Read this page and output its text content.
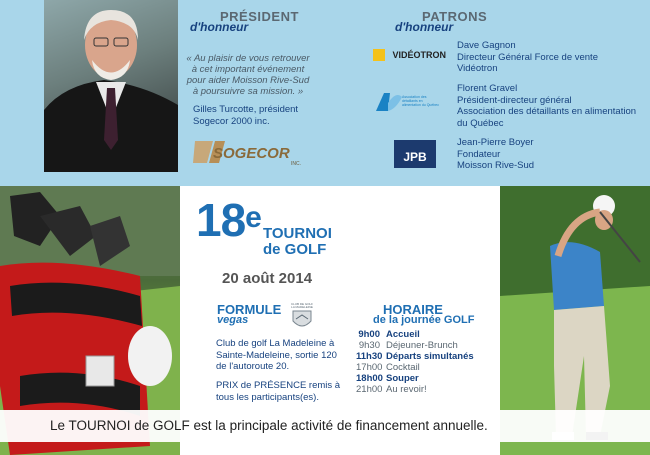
PRÉSIDENT
d'honneur
« Au plaisir de vous retrouver à cet important événement pour aider Moisson Rive-Sud à poursuivre sa mission. »
Gilles Turcotte, président
Sogecor 2000 inc.
SOGECOR
INC.
PATRONS
d'honneur
VIDÉOTRON
Dave Gagnon
Directeur Général Force de vente
Vidéotron
Association des détaillants en alimentation du Québec
Florent Gravel
Président-directeur général
Association des détaillants en alimentation
du Québec
JPB
Jean-Pierre Boyer
Fondateur
Moisson Rive-Sud
18e TOURNOI
de GOLF
20 août 2014
FORMULE
vegas
CLUB DE GOLF LA MADELEINE
Club de golf La Madeleine à
Sainte-Madeleine, sortie 120
de l'autoroute 20.
PRIX de PRÉSENCE remis à
tous les participants(es).
HORAIRE
de la journée GOLF
9h00 Accueil
9h30 Déjeuner-Brunch
11h30 Départs simultanés
17h00 Cocktail
18h00 Souper
21h00 Au revoir!
Le TOURNOI de GOLF est la principale activité de financement annuelle.
